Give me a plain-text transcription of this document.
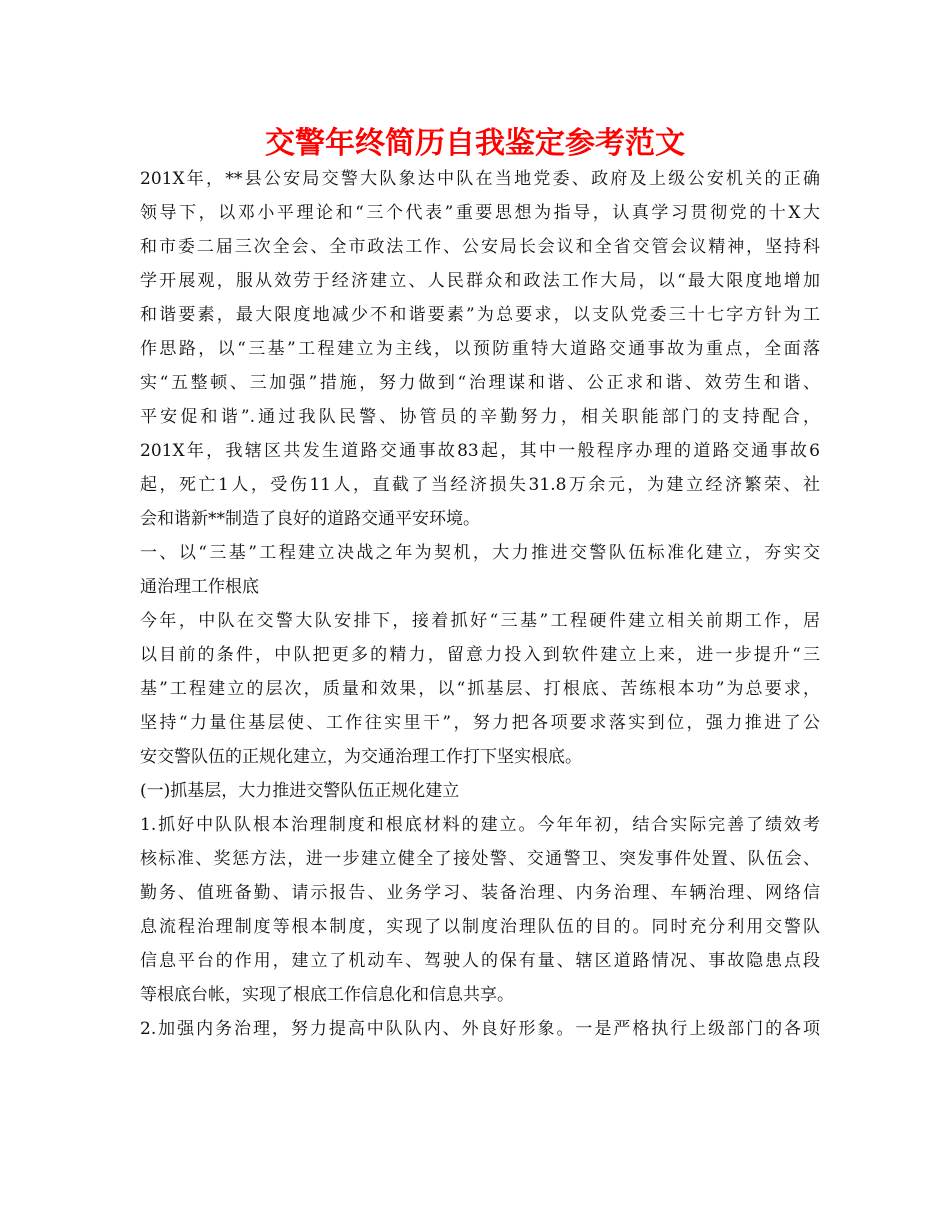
交警年终简历自我鉴定参考范文
201X年，**县公安局交警大队象达中队在当地党委、政府及上级公安机关的正确
领导下，以邓小平理论和“三个代表”重要思想为指导，认真学习贯彻党的十X大
和市委二届三次全会、全市政法工作、公安局长会议和全省交管会议精神，坚持科
学开展观，服从效劳于经济建立、人民群众和政法工作大局，以“最大限度地增加
和谐要素，最大限度地减少不和谐要素”为总要求，以支队党委三十七字方针为工
作思路，以“三基”工程建立为主线，以预防重特大道路交通事故为重点，全面落
实“五整顿、三加强”措施，努力做到“治理谋和谐、公正求和谐、效劳生和谐、
平安促和谐”.通过我队民警、协管员的辛勤努力，相关职能部门的支持配合，
201X年，我辖区共发生道路交通事故83起，其中一般程序办理的道路交通事故6
起，死亡1人，受伤11人，直截了当经济损失31.8万余元，为建立经济繁荣、社
会和谐新**制造了良好的道路交通平安环境。
一、以“三基”工程建立决战之年为契机，大力推进交警队伍标准化建立，夯实交
通治理工作根底
今年，中队在交警大队安排下，接着抓好“三基”工程硬件建立相关前期工作，居
以目前的条件，中队把更多的精力，留意力投入到软件建立上来，进一步提升“三
基”工程建立的层次，质量和效果，以“抓基层、打根底、苦练根本功”为总要求，
坚持“力量住基层使、工作往实里干”，努力把各项要求落实到位，强力推进了公
安交警队伍的正规化建立，为交通治理工作打下坚实根底。
(一)抓基层，大力推进交警队伍正规化建立
1.抓好中队队根本治理制度和根底材料的建立。今年年初，结合实际完善了绩效考
核标准、奖惩方法，进一步建立健全了接处警、交通警卫、突发事件处置、队伍会、
勤务、值班备勤、请示报告、业务学习、装备治理、内务治理、车辆治理、网络信
息流程治理制度等根本制度，实现了以制度治理队伍的目的。同时充分利用交警队
信息平台的作用，建立了机动车、驾驶人的保有量、辖区道路情况、事故隐患点段
等根底台帐，实现了根底工作信息化和信息共享。
2.加强内务治理，努力提高中队队内、外良好形象。一是严格执行上级部门的各项
